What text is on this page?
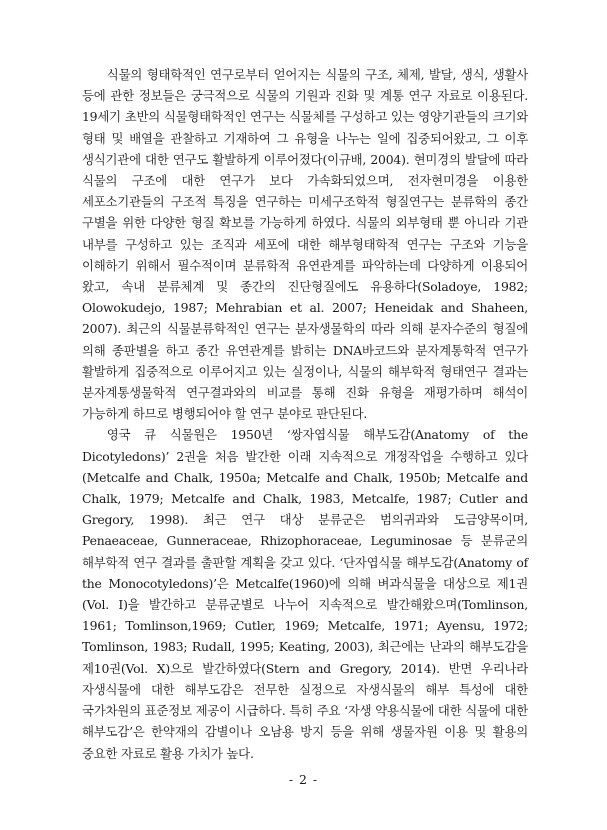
식물의 형태학적인 연구로부터 얻어지는 식물의 구조, 체제, 발달, 생식, 생활사 등에 관한 정보들은 궁극적으로 식물의 기원과 진화 및 계통 연구 자료로 이용된다. 19세기 초반의 식물형태학적인 연구는 식물체를 구성하고 있는 영양기관들의 크기와 형태 및 배열을 관찰하고 기재하여 그 유형을 나누는 일에 집중되어왔고, 그 이후 생식기관에 대한 연구도 활발하게 이루어졌다(이규배, 2004). 현미경의 발달에 따라 식물의 구조에 대한 연구가 보다 가속화되었으며, 전자현미경을 이용한 세포소기관들의 구조적 특징을 연구하는 미세구조학적 형질연구는 분류학의 종간 구별을 위한 다양한 형질 확보를 가능하게 하였다. 식물의 외부형태 뿐 아니라 기관 내부를 구성하고 있는 조직과 세포에 대한 해부형태학적 연구는 구조와 기능을 이해하기 위해서 필수적이며 분류학적 유연관계를 파악하는데 다양하게 이용되어 왔고, 속내 분류체계 및 종간의 진단형질에도 유용하다(Soladoye, 1982; Olowokudejo, 1987; Mehrabian et al. 2007; Heneidak and Shaheen, 2007). 최근의 식물분류학적인 연구는 분자생물학의 따라 의해 분자수준의 형질에 의해 종판별을 하고 종간 유연관계를 밝히는 DNA바코드와 분자계통학적 연구가 활발하게 집중적으로 이루어지고 있는 실정이나, 식물의 해부학적 형태연구 결과는 분자계통생물학적 연구결과와의 비교를 통해 진화 유형을 재평가하며 해석이 가능하게 하므로 병행되어야 할 연구 분야로 판단된다.

영국 큐 식물원은 1950년 ‘쌍자엽식물 해부도감(Anatomy of the Dicotyledons)’ 2권을 처음 발간한 이래 지속적으로 개정작업을 수행하고 있다(Metcalfe and Chalk, 1950a; Metcalfe and Chalk, 1950b; Metcalfe and Chalk, 1979; Metcalfe and Chalk, 1983, Metcalfe, 1987; Cutler and Gregory, 1998). 최근 연구 대상 분류군은 범의귀과와 도금양목이며, Penaeaceae, Gunneraceae, Rhizophoraceae, Leguminosae 등 분류군의 해부학적 연구 결과를 출판할 계획을 갖고 있다. ‘단자엽식물 해부도감(Anatomy of the Monocotyledons)’은 Metcalfe(1960)에 의해 벼과식물을 대상으로 제1권(Vol. I)을 발간하고 분류군별로 나누어 지속적으로 발간해왔으며(Tomlinson, 1961; Tomlinson,1969; Cutler, 1969; Metcalfe, 1971; Ayensu, 1972; Tomlinson, 1983; Rudall, 1995; Keating, 2003), 최근에는 난과의 해부도감을 제10권(Vol. X)으로 발간하였다(Stern and Gregory, 2014). 반면 우리나라 자생식물에 대한 해부도감은 전무한 실정으로 자생식물의 해부 특성에 대한 국가차원의 표준정보 제공이 시급하다. 특히 주요 ‘자생 약용식물에 대한 식물에 대한 해부도감’은 한약재의 감별이나 오남용 방지 등을 위해 생물자원 이용 및 활용의 중요한 자료로 활용 가치가 높다.

- 2 -
